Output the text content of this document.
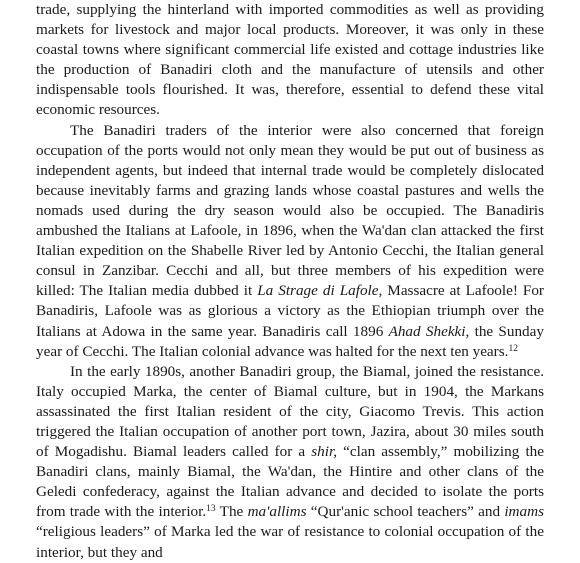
trade, supplying the hinterland with imported commodities as well as providing markets for livestock and major local products. Moreover, it was only in these coastal towns where significant commercial life existed and cottage industries like the production of Banadiri cloth and the manufacture of utensils and other indispensable tools flourished. It was, therefore, essential to defend these vital economic resources.

The Banadiri traders of the interior were also concerned that foreign occupation of the ports would not only mean they would be put out of business as independent agents, but indeed that internal trade would be completely dislocated because inevitably farms and grazing lands whose coastal pastures and wells the nomads used during the dry season would also be occupied. The Banadiris ambushed the Italians at Lafoole, in 1896, when the Wa'dan clan attacked the first Italian expedition on the Shabelle River led by Antonio Cecchi, the Italian general consul in Zanzibar. Cecchi and all, but three members of his expedition were killed: The Italian media dubbed it La Strage di Lafole, Massacre at Lafoole! For Banadiris, Lafoole was as glorious a victory as the Ethiopian triumph over the Italians at Adowa in the same year. Banadiris call 1896 Ahad Shekki, the Sunday year of Cecchi. The Italian colonial advance was halted for the next ten years.$^{12}$

In the early 1890s, another Banadiri group, the Biamal, joined the resistance. Italy occupied Marka, the center of Biamal culture, but in 1904, the Markans assassinated the first Italian resident of the city, Giacomo Trevis. This action triggered the Italian occupation of another port town, Jazira, about 30 miles south of Mogadishu. Biamal leaders called for a shir, “clan assembly,” mobilizing the Banadiri clans, mainly Biamal, the Wa'dan, the Hintire and other clans of the Geledi confederacy, against the Italian advance and decided to isolate the ports from trade with the interior.$^{13}$ The ma'allims “Qur'anic school teachers” and imams “religious leaders” of Marka led the war of resistance to colonial occupation of the interior, but they and
